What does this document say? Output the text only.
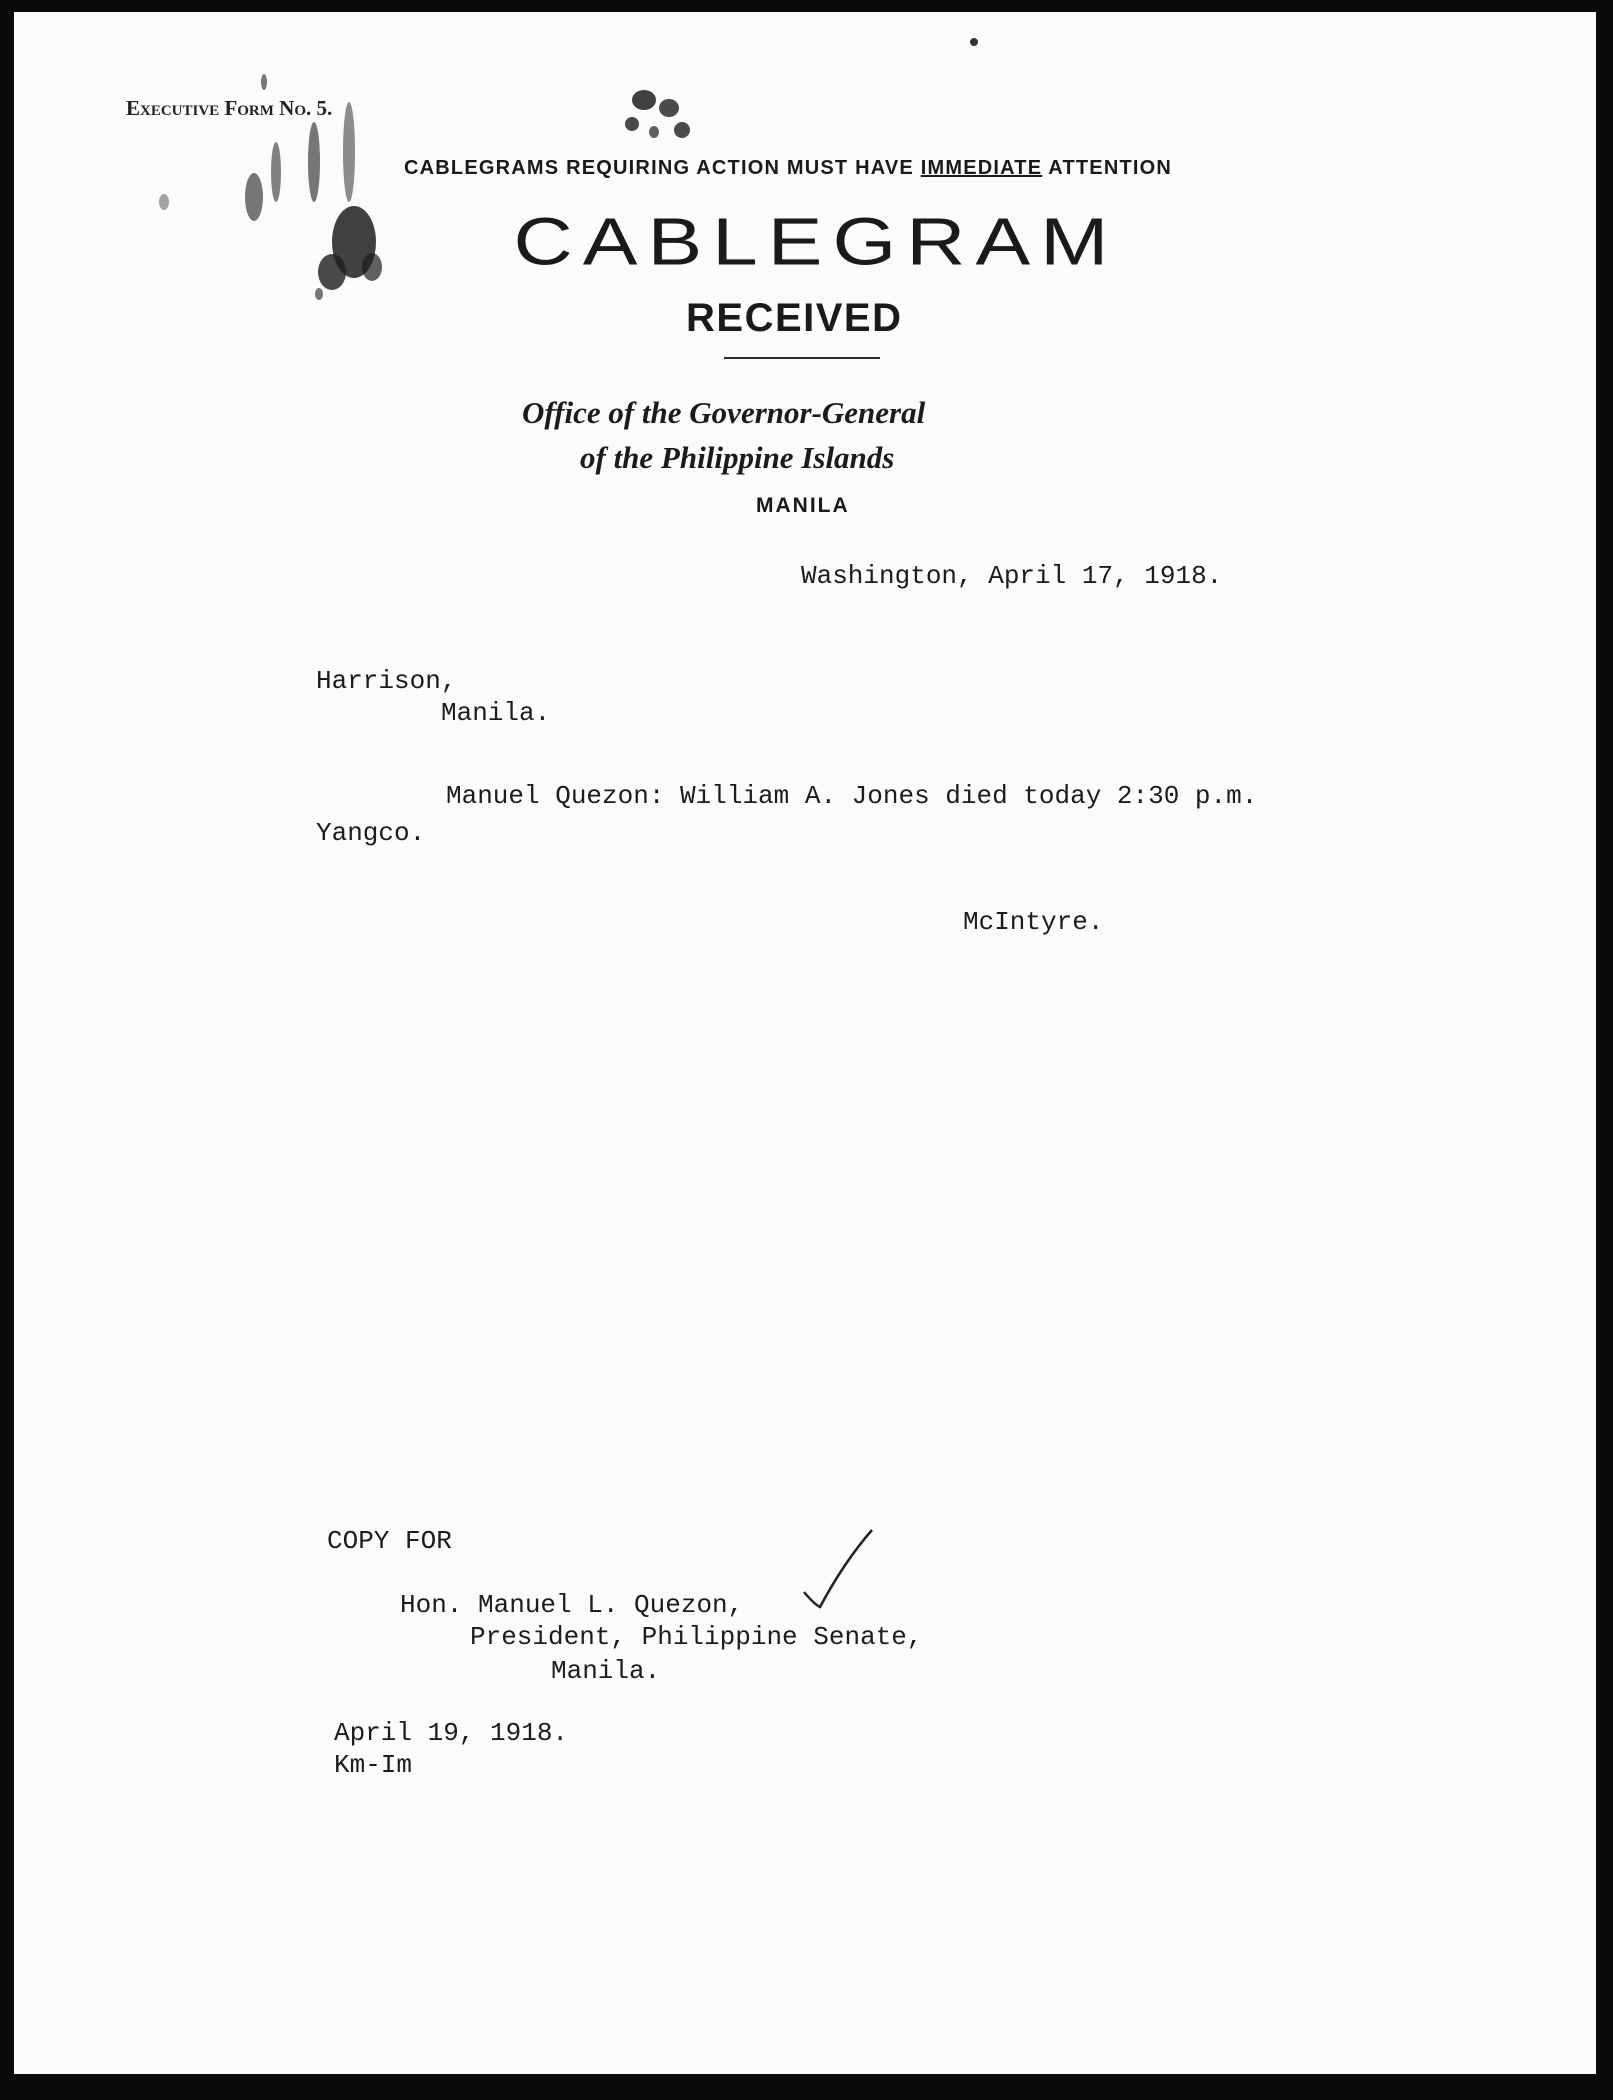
Executive Form No. 5.
CABLEGRAMS REQUIRING ACTION MUST HAVE IMMEDIATE ATTENTION
CABLEGRAM
RECEIVED
Office of the Governor-General
of the Philippine Islands
MANILA
Washington, April 17, 1918.
Harrison,
Manila.
Manuel Quezon: William A. Jones died today 2:30 p.m.
Yangco.
McIntyre.
COPY FOR
Hon. Manuel L. Quezon,
President, Philippine Senate,
Manila.
April 19, 1918.
Km-Im
